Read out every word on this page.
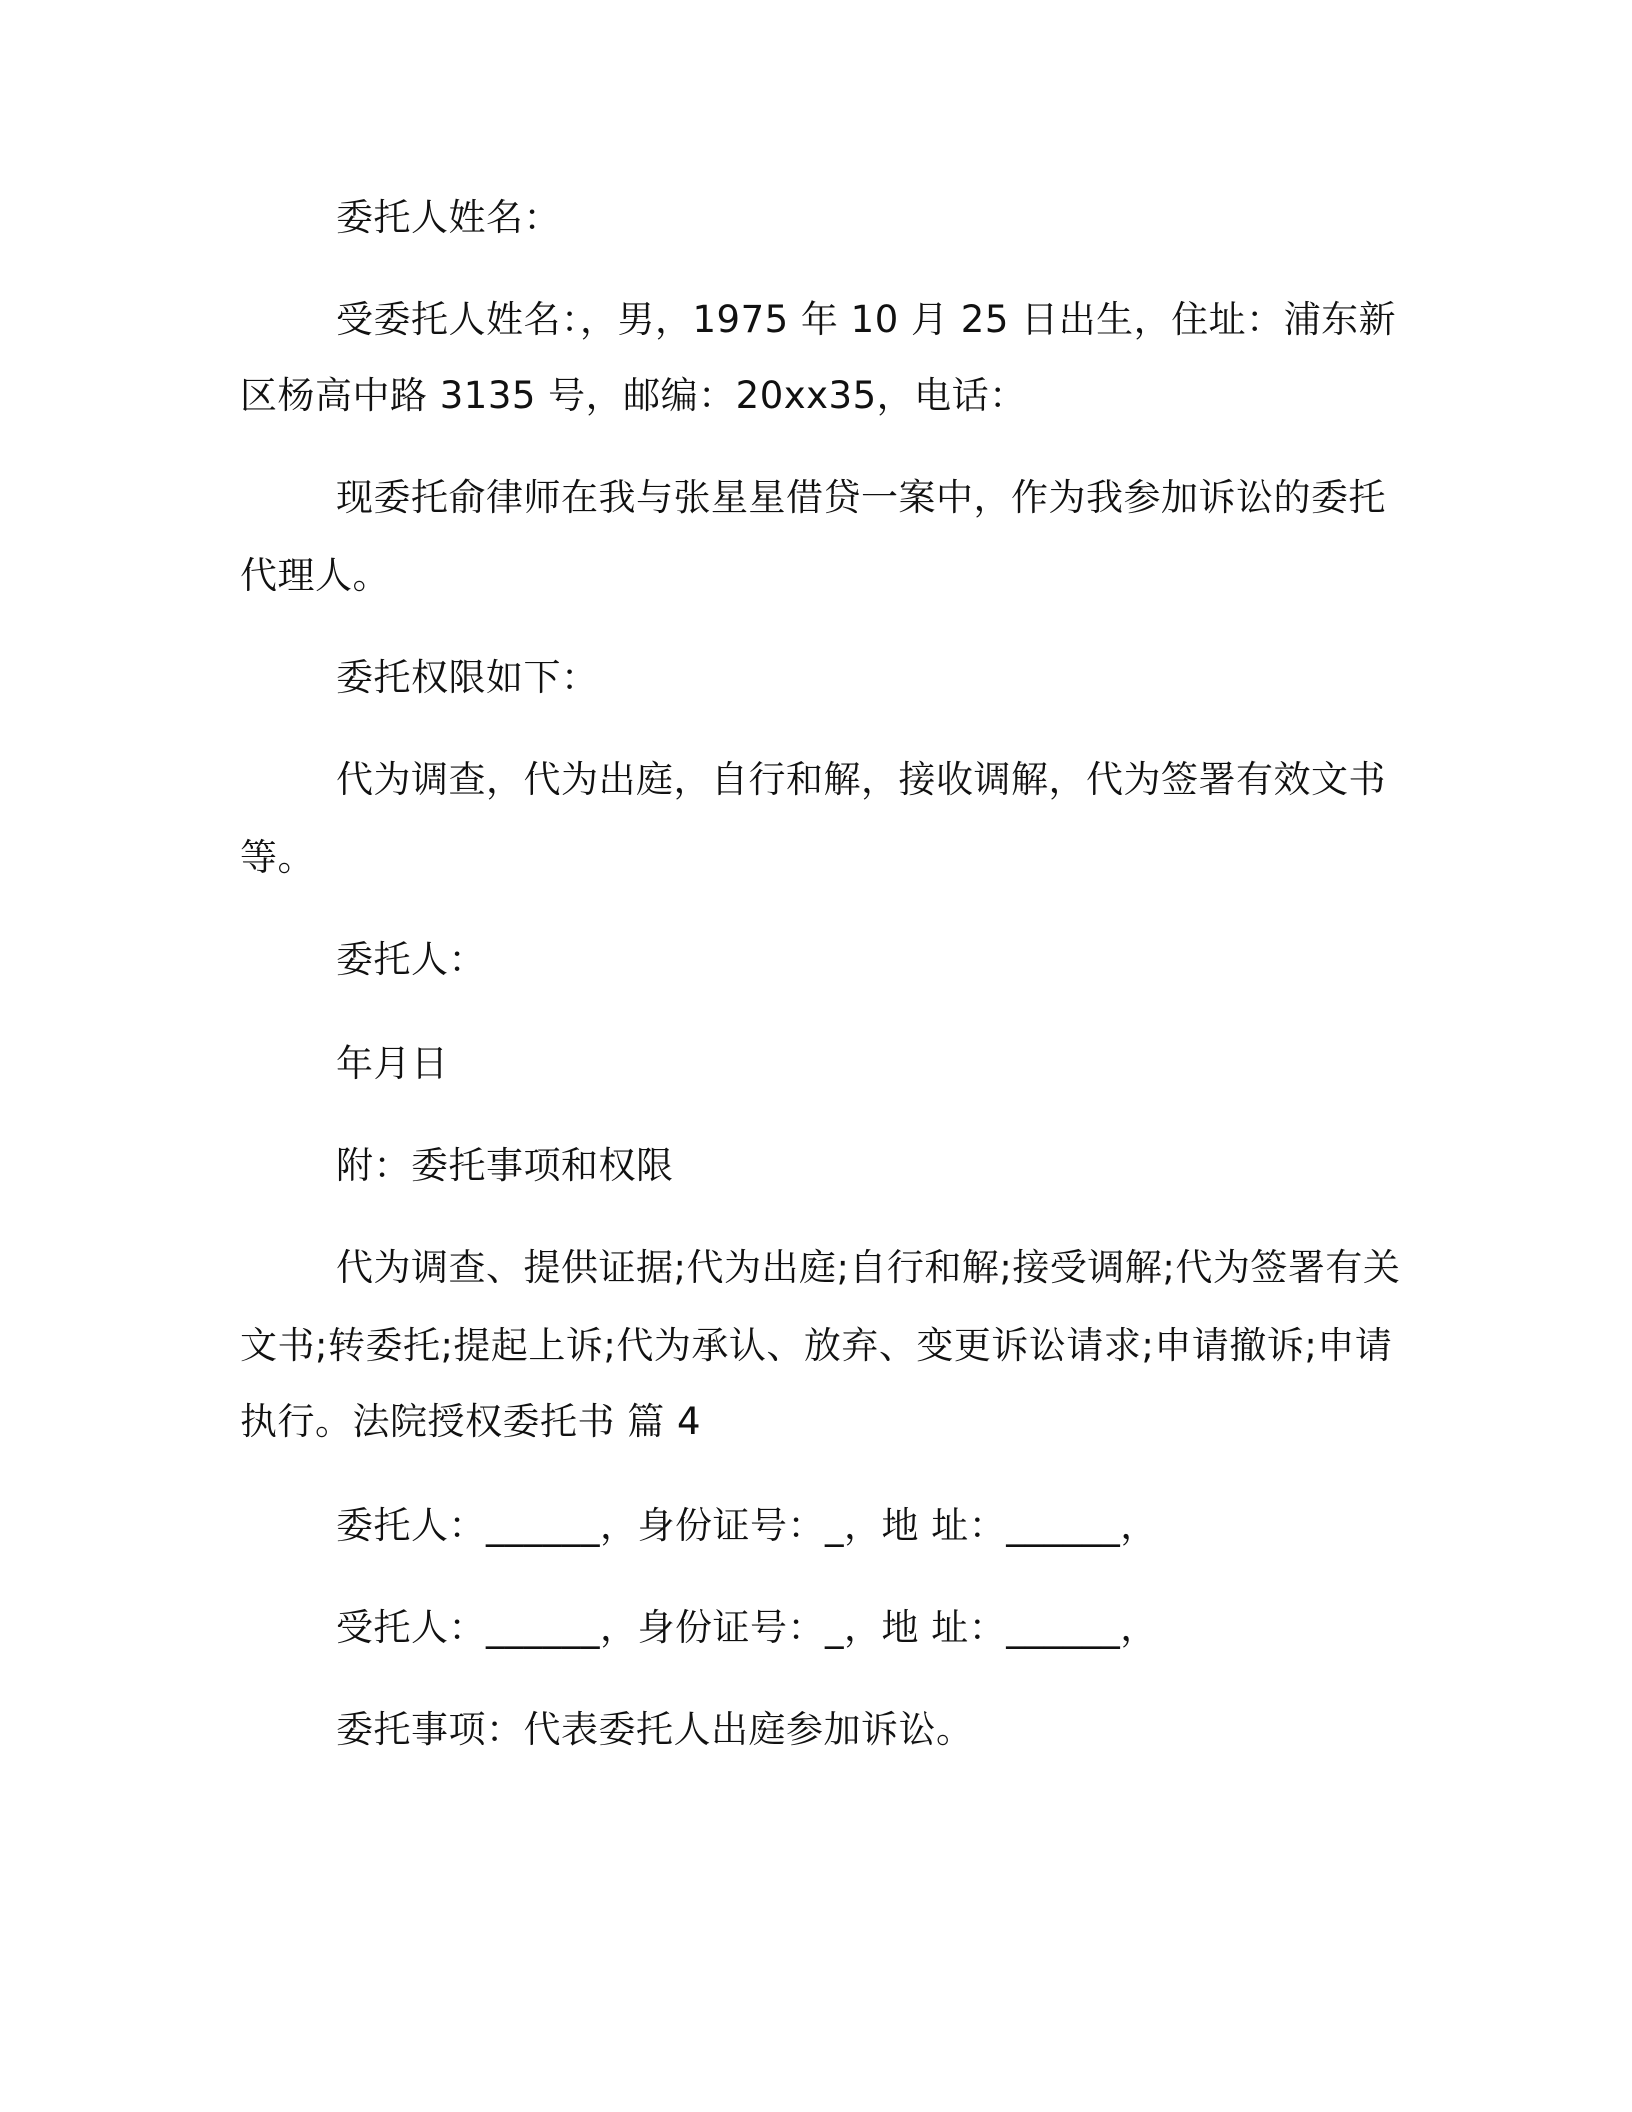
委托人姓名：
受委托人姓名：，男，1975 年 10 月 25 日出生，住址：浦东新
区杨高中路 3135 号，邮编：20xx35，电话：
现委托俞律师在我与张星星借贷一案中，作为我参加诉讼的委托
代理人。
委托权限如下：
代为调查，代为出庭，自行和解，接收调解，代为签署有效文书
等。
委托人：
年月日
附：委托事项和权限
代为调查、提供证据;代为出庭;自行和解;接受调解;代为签署有关
文书;转委托;提起上诉;代为承认、放弃、变更诉讼请求;申请撤诉;申请
执行。法院授权委托书 篇 4
委托人：______，身份证号：_，地 址：______，
受托人：______，身份证号：_，地 址：______，
委托事项：代表委托人出庭参加诉讼。
